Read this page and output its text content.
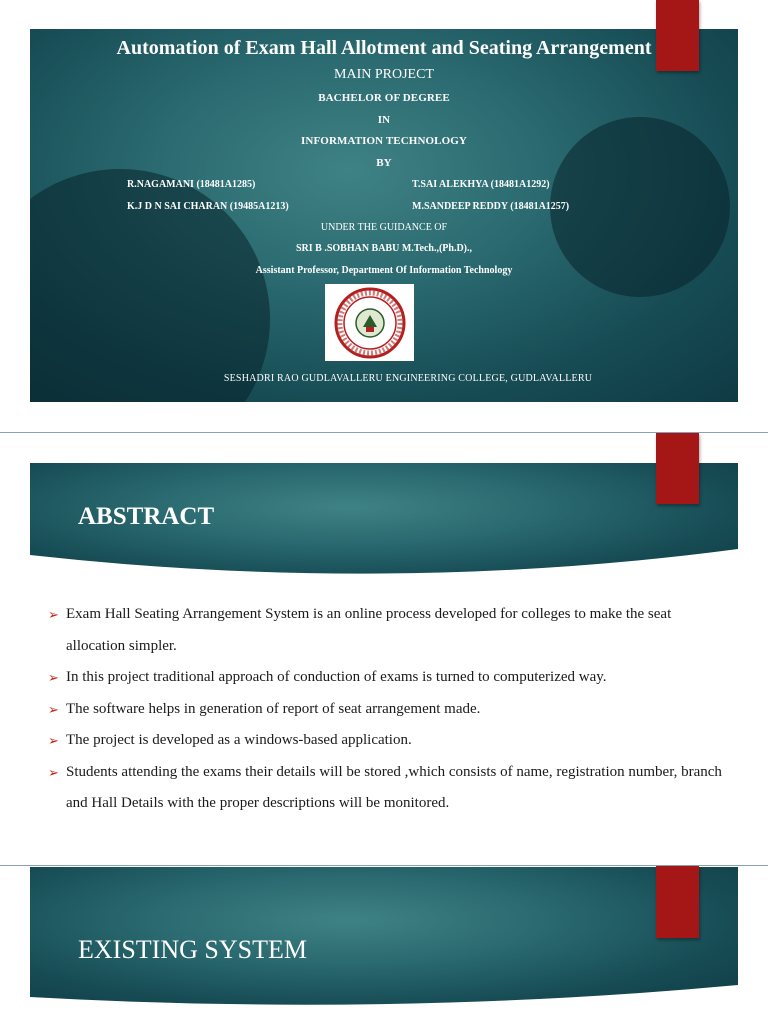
Automation of Exam Hall Allotment and Seating Arrangement
MAIN PROJECT
BACHELOR OF DEGREE
IN
INFORMATION TECHNOLOGY
BY
R.NAGAMANI (18481A1285)	T.SAI ALEKHYA (18481A1292)
K.J D N SAI CHARAN (19485A1213)	M.SANDEEP REDDY (18481A1257)
UNDER THE GUIDANCE OF
SRI B .SOBHAN BABU M.Tech.,(Ph.D).,
Assistant Professor, Department Of Information Technology
SESHADRI RAO GUDLAVALLERU ENGINEERING COLLEGE, GUDLAVALLERU
ABSTRACT
➢ Exam Hall Seating Arrangement System is an online process developed for colleges to make the seat allocation simpler.
➢ In this project traditional approach of conduction of exams is turned to computerized way.
➢ The software helps in generation of report of seat arrangement made.
➢ The project is developed as a windows-based application.
➢ Students attending the exams their details will be stored ,which consists of name, registration number, branch and Hall Details with the proper descriptions will be monitored.
EXISTING SYSTEM
